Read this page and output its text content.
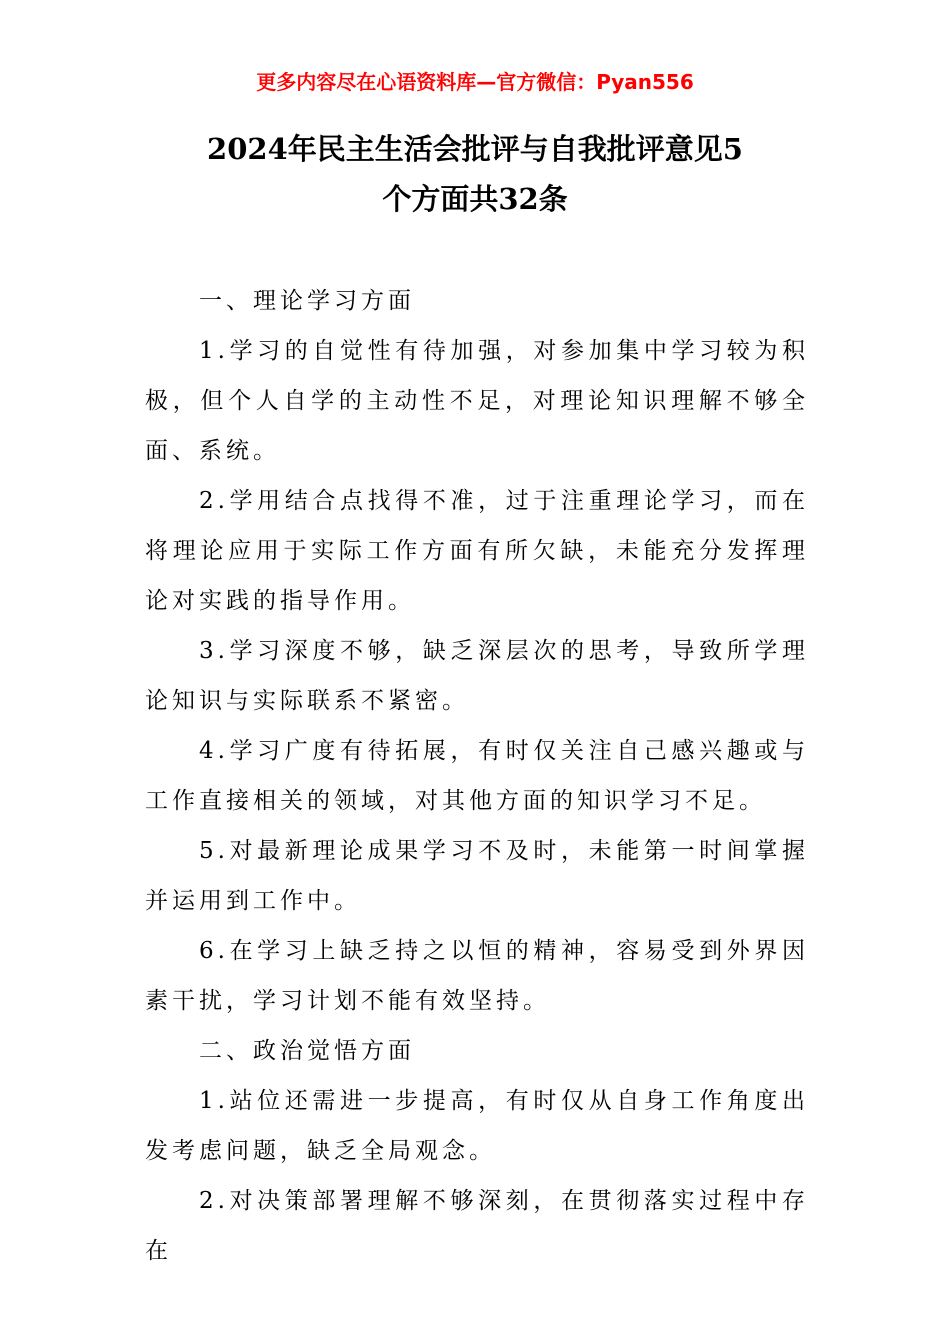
更多内容尽在心语资料库—官方微信：Pyan556
2024年民主生活会批评与自我批评意见5
个方面共32条

一、理论学习方面

1.学习的自觉性有待加强，对参加集中学习较为积极，但个人自学的主动性不足，对理论知识理解不够全面、系统。

2.学用结合点找得不准，过于注重理论学习，而在将理论应用于实际工作方面有所欠缺，未能充分发挥理论对实践的指导作用。

3.学习深度不够，缺乏深层次的思考，导致所学理论知识与实际联系不紧密。

4.学习广度有待拓展，有时仅关注自己感兴趣或与工作直接相关的领域，对其他方面的知识学习不足。

5.对最新理论成果学习不及时，未能第一时间掌握并运用到工作中。

6.在学习上缺乏持之以恒的精神，容易受到外界因素干扰，学习计划不能有效坚持。

二、政治觉悟方面

1.站位还需进一步提高，有时仅从自身工作角度出发考虑问题，缺乏全局观念。

2.对决策部署理解不够深刻，在贯彻落实过程中存在
